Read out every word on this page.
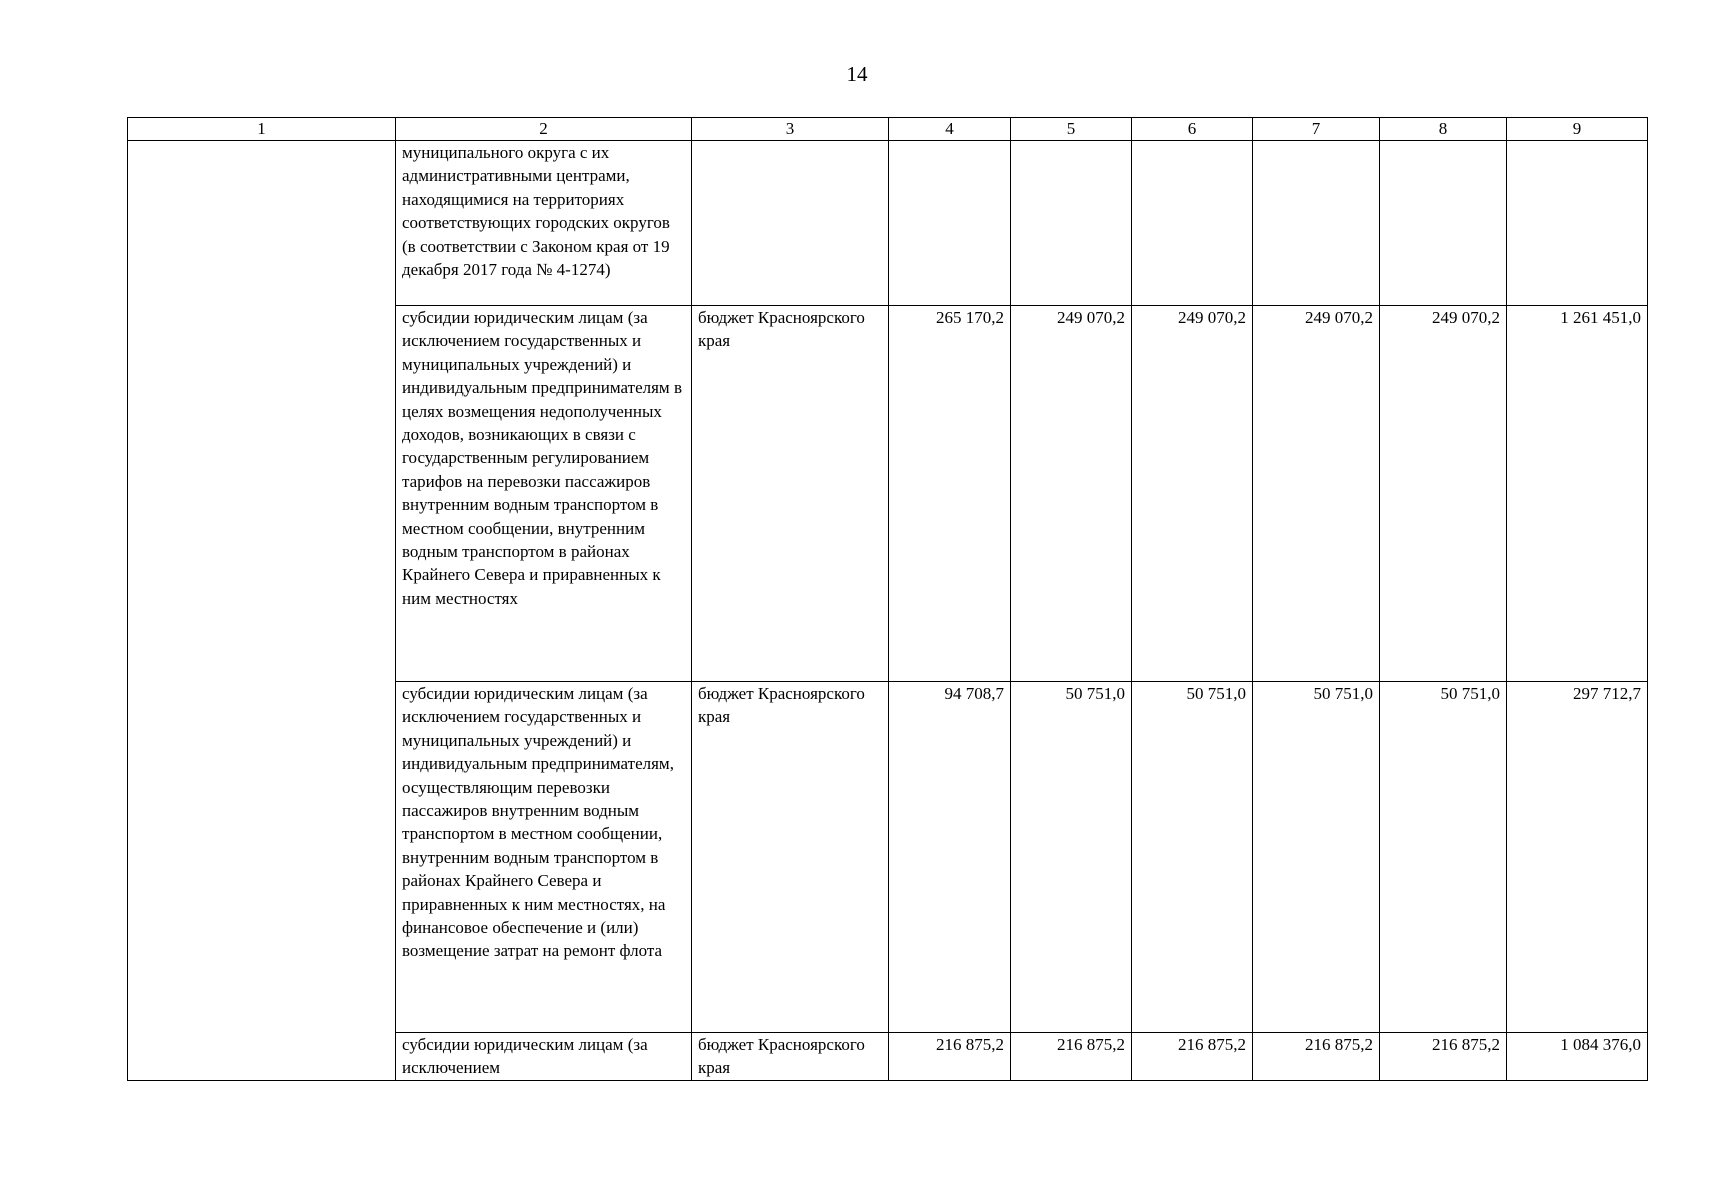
14
1	2	3	4	5	6	7	8	9
	муниципального округа с их административными центрами, находящимися на территориях соответствующих городских округов (в соответствии с Законом края от 19 декабря 2017 года № 4-1274)							
	субсидии юридическим лицам (за исключением государственных и муниципальных учреждений) и индивидуальным предпринимателям в целях возмещения недополученных доходов, возникающих в связи с государственным регулированием тарифов на перевозки пассажиров внутренним водным транспортом в местном сообщении, внутренним водным транспортом в районах Крайнего Севера и приравненных к ним местностях	бюджет Красноярского края	265 170,2	249 070,2	249 070,2	249 070,2	249 070,2	1 261 451,0
	субсидии юридическим лицам (за исключением государственных и муниципальных учреждений) и индивидуальным предпринимателям, осуществляющим перевозки пассажиров внутренним водным транспортом в местном сообщении, внутренним водным транспортом в районах Крайнего Севера и приравненных к ним местностях, на финансовое обеспечение и (или) возмещение затрат на ремонт флота	бюджет Красноярского края	94 708,7	50 751,0	50 751,0	50 751,0	50 751,0	297 712,7
	субсидии юридическим лицам (за исключением	бюджет Красноярского края	216 875,2	216 875,2	216 875,2	216 875,2	216 875,2	1 084 376,0
